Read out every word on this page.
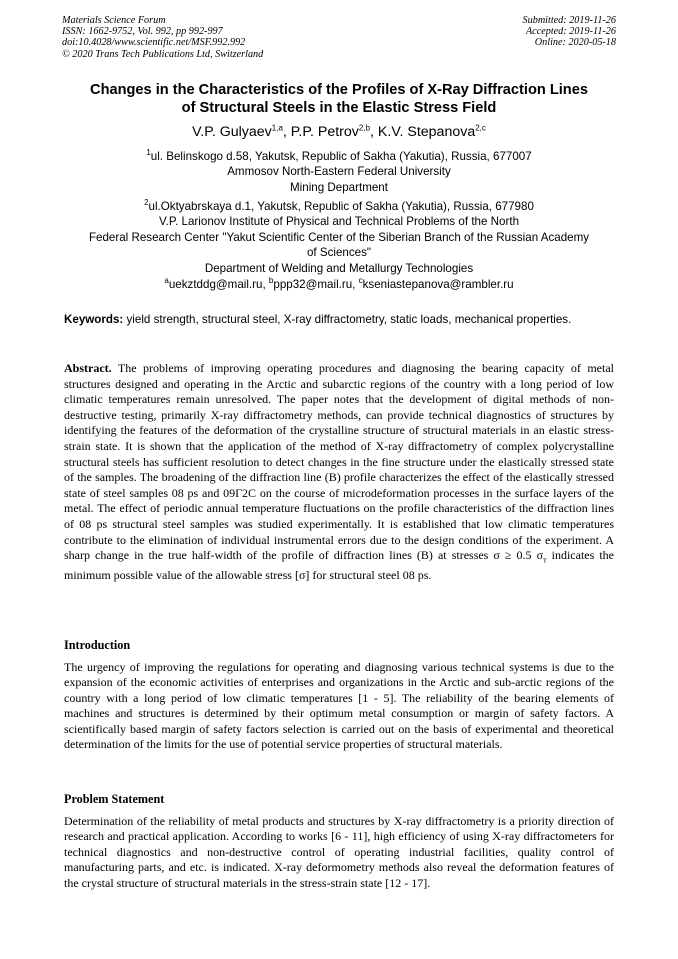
Materials Science Forum
ISSN: 1662-9752, Vol. 992, pp 992-997
doi:10.4028/www.scientific.net/MSF.992.992
© 2020 Trans Tech Publications Ltd, Switzerland
Submitted: 2019-11-26
Accepted: 2019-11-26
Online: 2020-05-18
Changes in the Characteristics of the Profiles of X-Ray Diffraction Lines
of Structural Steels in the Elastic Stress Field
V.P. Gulyaev$^{1,a}$, P.P. Petrov$^{2,b}$, K.V. Stepanova$^{2,c}$
$^1$ul. Belinskogo d.58, Yakutsk, Republic of Sakha (Yakutia), Russia, 677007
Ammosov North-Eastern Federal University
Mining Department
$^2$ul.Oktyabrskaya d.1, Yakutsk, Republic of Sakha (Yakutia), Russia, 677980
V.P. Larionov Institute of Physical and Technical Problems of the North
Federal Research Center "Yakut Scientific Center of the Siberian Branch of the Russian Academy
of Sciences"
Department of Welding and Metallurgy Technologies
$^a$uekztddg@mail.ru, $^b$ppp32@mail.ru, $^c$kseniastepanova@rambler.ru
Keywords: yield strength, structural steel, X-ray diffractometry, static loads, mechanical properties.
Abstract. The problems of improving operating procedures and diagnosing the bearing capacity of metal structures designed and operating in the Arctic and subarctic regions of the country with a long period of low climatic temperatures remain unresolved. The paper notes that the development of digital methods of non-destructive testing, primarily X-ray diffractometry methods, can provide technical diagnostics of structures by identifying the features of the deformation of the crystalline structure of structural materials in an elastic stress-strain state. It is shown that the application of the method of X-ray diffractometry of complex polycrystalline structural steels has sufficient resolution to detect changes in the fine structure under the elastically stressed state of the samples. The broadening of the diffraction line (B) profile characterizes the effect of the elastically stressed state of steel samples 08 ps and 09Г2С on the course of microdeformation processes in the surface layers of the metal. The effect of periodic annual temperature fluctuations on the profile characteristics of the diffraction lines of 08 ps structural steel samples was studied experimentally. It is established that low climatic temperatures contribute to the elimination of individual instrumental errors due to the design conditions of the experiment. A sharp change in the true half-width of the profile of diffraction lines (B) at stresses σ ≥ 0.5 $\sigma_т$ indicates the minimum possible value of the allowable stress [σ] for structural steel 08 ps.
Introduction
The urgency of improving the regulations for operating and diagnosing various technical systems is due to the expansion of the economic activities of enterprises and organizations in the Arctic and sub-arctic regions of the country with a long period of low climatic temperatures [1 - 5]. The reliability of the bearing elements of machines and structures is determined by their optimum metal consumption or margin of safety factors. A scientifically based margin of safety factors selection is carried out on the basis of experimental and theoretical determination of the limits for the use of potential service properties of structural materials.
Problem Statement
Determination of the reliability of metal products and structures by X-ray diffractometry is a priority direction of research and practical application. According to works [6 - 11], high efficiency of using X-ray diffractometers for technical diagnostics and non-destructive control of operating industrial facilities, quality control of manufacturing parts, and etc. is indicated. X-ray deformometry methods also reveal the deformation features of the crystal structure of structural materials in the stress-strain state [12 - 17].
